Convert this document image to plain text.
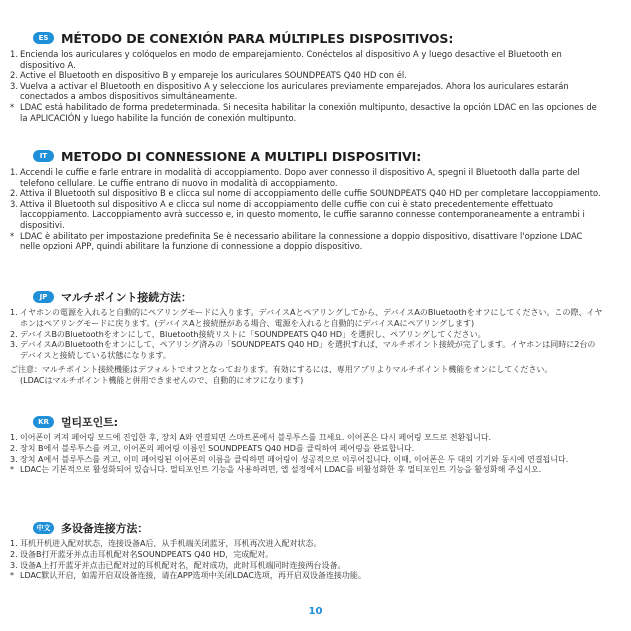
ES MÉTODO DE CONEXIÓN PARA MÚLTIPLES DISPOSITIVOS:
1. Encienda los auriculares y colóquelos en modo de emparejamiento. Conéctelos al dispositivo A y luego desactive el Bluetooth en dispositivo A.
2. Active el Bluetooth en dispositivo B y empareje los auriculares SOUNDPEATS Q40 HD con él.
3. Vuelva a activar el Bluetooth en dispositivo A y seleccione los auriculares previamente emparejados. Ahora los auriculares estarán conectados a ambos dispositivos simultáneamente.
* LDAC está habilitado de forma predeterminada. Si necesita habilitar la conexión multipunto, desactive la opción LDAC en las opciones de la APLICACIÓN y luego habilite la función de conexión multipunto.
IT	METODO DI CONNESSIONE A MULTIPLI DISPOSITIVI:
1. Accendi le cuffie e farle entrare in modalità di accoppiamento. Dopo aver connesso il dispositivo A, spegni il Bluetooth dalla parte del telefono cellulare. Le cuffie entrano di nuovo in modalità di accoppiamento.
2. Attiva il Bluetooth sul dispositivo B e clicca sul nome di accoppiamento delle cuffie SOUNDPEATS Q40 HD per completare laccoppiamento.
3. Attiva il Bluetooth sul dispositivo A e clicca sul nome di accoppiamento delle cuffie con cui è stato precedentemente effettuato laccoppiamento. Laccoppiamento avrà successo e, in questo momento, le cuffie saranno connesse contemporaneamente a entrambi i dispositivi.
* LDAC è abilitato per impostazione predefinita Se è necessario abilitare la connessione a doppio dispositivo, disattivare l'opzione LDAC nelle opzioni APP, quindi abilitare la funzione di connessione a doppio dispositivo.
JP	マルチポイント接続方法：
1. イヤホンの電源を入れると自動的にペアリングモードに入ります。デバイスAとペアリングしてから、デバイスAのBluetoothをオフにしてください。この際、イヤホンはペアリングモードに戻ります。(デバイスAと接続歴がある場合、電源を入れると自動的にデバイスAにペアリングします)
2. デバイスBのBluetoothをオンにして、Bluetooth接続リストに「SOUNDPEATS Q40 HD」を選択し、ペアリングしてください。
3. デバイスAのBluetoothをオンにして、ペアリング済みの「SOUNDPEATS Q40 HD」を選択すれば、マルチポイント接続が完了します。イヤホンは同時に2台のデバイスと接続している状態になります。
ご注意：マルチポイント接続機能はデフォルトでオフとなっております。有効にするには、専用アプリよりマルチポイント機能をオンにしてください。
(LDACはマルチポイント機能と併用できませんので、自動的にオフになります)
KR	멀티포인트:
1. 이어폰이 켜져 페어링 모드에 진입한 후, 장치 A와 연결되면 스마트폰에서 블루투스를 끄세요. 이어폰은 다시 페어링 모드로 전환됩니다.
2. 장치 B에서 블루투스를 켜고, 이어폰의 페어링 이름인 SOUNDPEATS Q40 HD를 클릭하여 페어링을 완료합니다.
3. 장치 A에서 블루투스를 켜고, 이미 페어링된 이어폰의 이름을 클릭하면 페어링이 성공적으로 이루어집니다. 이때, 이어폰은 두 대의 기기와 동시에 연결됩니다.
* LDAC는 기본적으로 활성화되어 있습니다. 멀티포인트 기능을 사용하려면, 앱 설정에서 LDAC를 비활성화한 후 멀티포인트 기능을 활성화해 주십시오.
中文 多设备连接方法：
1. 耳机开机进入配对状态，连接设备A后，从手机端关闭蓝牙，耳机再次进入配对状态。
2. 设备B打开蓝牙并点击耳机配对名SOUNDPEATS Q40 HD，完成配对。
3. 设备A上打开蓝牙并点击已配对过的耳机配对名，配对成功，此时耳机端同时连接两台设备。
* LDAC默认开启，如需开启双设备连接，请在APP选项中关闭LDAC选项，再开启双设备连接功能。
10
